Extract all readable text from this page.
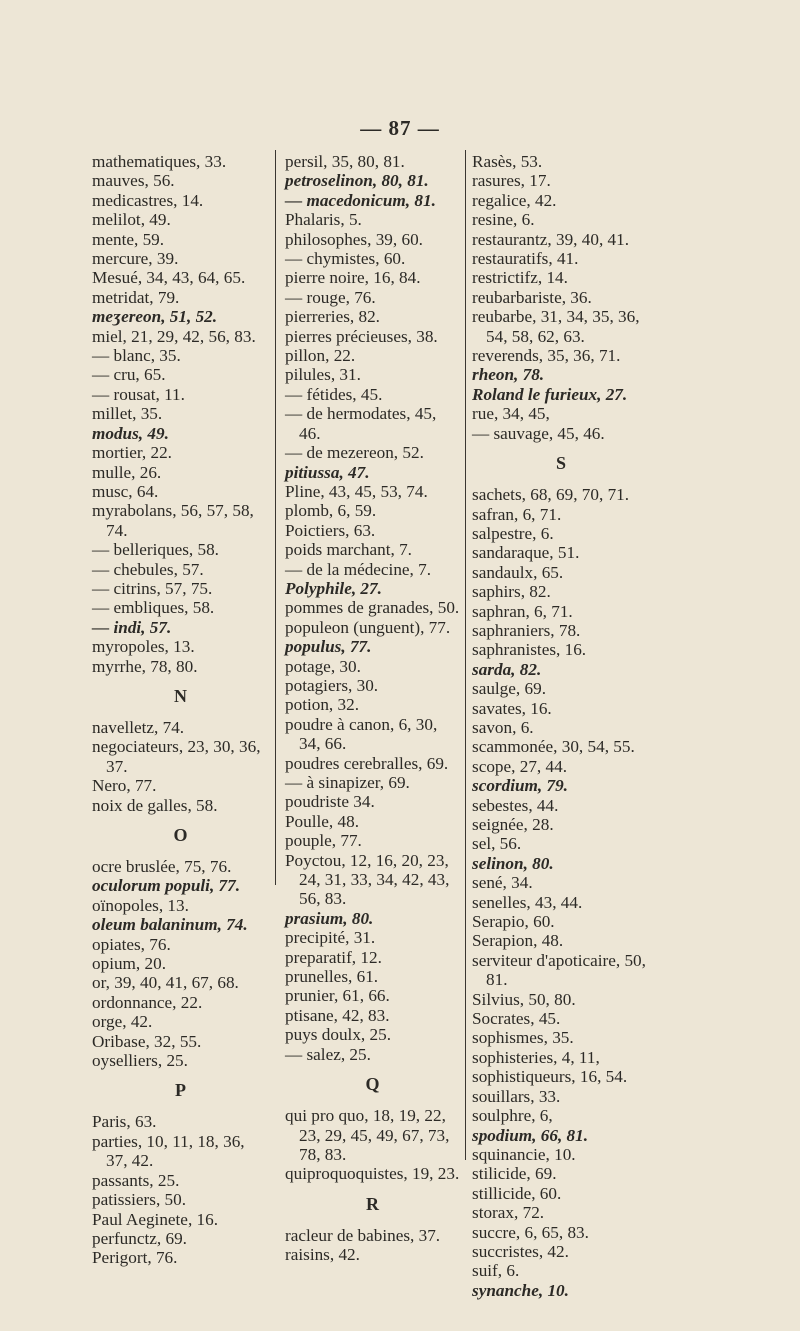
— 87 —
mathematiques, 33.
mauves, 56.
medicastres, 14.
melilot, 49.
mente, 59.
mercure, 39.
Mesué, 34, 43, 64, 65.
metridat, 79.
meʒereon, 51, 52.
miel, 21, 29, 42, 56, 83.
— blanc, 35.
— cru, 65.
— rousat, 11.
millet, 35.
modus, 49.
mortier, 22.
mulle, 26.
musc, 64.
myrabolans, 56, 57, 58, 74.
— belleriques, 58.
— chebules, 57.
— citrins, 57, 75.
— embliques, 58.
— indi, 57.
myropoles, 13.
myrrhe, 78, 80.
N
navelletz, 74.
negociateurs, 23, 30, 36, 37.
Nero, 77.
noix de galles, 58.
O
ocre bruslée, 75, 76.
oculorum populi, 77.
oïnopoles, 13.
oleum balaninum, 74.
opiates, 76.
opium, 20.
or, 39, 40, 41, 67, 68.
ordonnance, 22.
orge, 42.
Oribase, 32, 55.
oyselliers, 25.
P
Paris, 63.
parties, 10, 11, 18, 36, 37, 42.
passants, 25.
patissiers, 50.
Paul Aeginete, 16.
perfunctz, 69.
Perigort, 76.
persil, 35, 80, 81.
petroselinon, 80, 81.
— macedonicum, 81.
Phalaris, 5.
philosophes, 39, 60.
— chymistes, 60.
pierre noire, 16, 84.
— rouge, 76.
pierreries, 82.
pierres précieuses, 38.
pillon, 22.
pilules, 31.
— fétides, 45.
— de hermodates, 45, 46.
— de mezereon, 52.
pitiussa, 47.
Pline, 43, 45, 53, 74.
plomb, 6, 59.
Poictiers, 63.
poids marchant, 7.
— de la médecine, 7.
Polyphile, 27.
pommes de granades, 50.
populeon (unguent), 77.
populus, 77.
potage, 30.
potagiers, 30.
potion, 32.
poudre à canon, 6, 30, 34, 66.
poudres cerebralles, 69.
— à sinapizer, 69.
poudriste 34.
Poulle, 48.
pouple, 77.
Poyctou, 12, 16, 20, 23, 24, 31, 33, 34, 42, 43, 56, 83.
prasium, 80.
precipité, 31.
preparatif, 12.
prunelles, 61.
prunier, 61, 66.
ptisane, 42, 83.
puys doulx, 25.
— salez, 25.
Q
qui pro quo, 18, 19, 22, 23, 29, 45, 49, 67, 73, 78, 83.
quiproquoquistes, 19, 23.
R
racleur de babines, 37.
raisins, 42.
Rasès, 53.
rasures, 17.
regalice, 42.
resine, 6.
restaurantz, 39, 40, 41.
restauratifs, 41.
restrictifz, 14.
reubarbariste, 36.
reubarbe, 31, 34, 35, 36, 54, 58, 62, 63.
reverends, 35, 36, 71.
rheon, 78.
Roland le furieux, 27.
rue, 34, 45,
— sauvage, 45, 46.
S
sachets, 68, 69, 70, 71.
safran, 6, 71.
salpestre, 6.
sandaraque, 51.
sandaulx, 65.
saphirs, 82.
saphran, 6, 71.
saphraniers, 78.
saphranistes, 16.
sarda, 82.
saulge, 69.
savates, 16.
savon, 6.
scammonée, 30, 54, 55.
scope, 27, 44.
scordium, 79.
sebestes, 44.
seignée, 28.
sel, 56.
selinon, 80.
sené, 34.
senelles, 43, 44.
Serapio, 60.
Serapion, 48.
serviteur d'apoticaire, 50, 81.
Silvius, 50, 80.
Socrates, 45.
sophismes, 35.
sophisteries, 4, 11,
sophistiqueurs, 16, 54.
souillars, 33.
soulphre, 6,
spodium, 66, 81.
squinancie, 10.
stilicide, 69.
stillicide, 60.
storax, 72.
succre, 6, 65, 83.
succristes, 42.
suif, 6.
synanche, 10.
